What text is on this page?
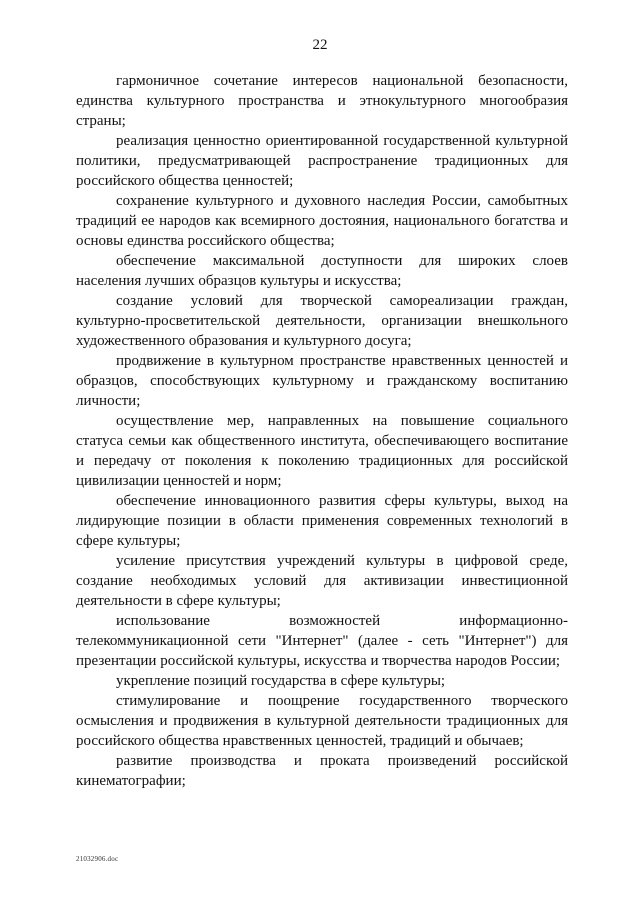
22

гармоничное сочетание интересов национальной безопасности, единства культурного пространства и этнокультурного многообразия страны;

реализация ценностно ориентированной государственной культурной политики, предусматривающей распространение традиционных для российского общества ценностей;

сохранение культурного и духовного наследия России, самобытных традиций ее народов как всемирного достояния, национального богатства и основы единства российского общества;

обеспечение максимальной доступности для широких слоев населения лучших образцов культуры и искусства;

создание условий для творческой самореализации граждан, культурно-просветительской деятельности, организации внешкольного художественного образования и культурного досуга;

продвижение в культурном пространстве нравственных ценностей и образцов, способствующих культурному и гражданскому воспитанию личности;

осуществление мер, направленных на повышение социального статуса семьи как общественного института, обеспечивающего воспитание и передачу от поколения к поколению традиционных для российской цивилизации ценностей и норм;

обеспечение инновационного развития сферы культуры, выход на лидирующие позиции в области применения современных технологий в сфере культуры;

усиление присутствия учреждений культуры в цифровой среде, создание необходимых условий для активизации инвестиционной деятельности в сфере культуры;

использование возможностей информационно-телекоммуникационной сети "Интернет" (далее - сеть "Интернет") для презентации российской культуры, искусства и творчества народов России;

укрепление позиций государства в сфере культуры;

стимулирование и поощрение государственного творческого осмысления и продвижения в культурной деятельности традиционных для российского общества нравственных ценностей, традиций и обычаев;

развитие производства и проката произведений российской кинематографии;

21032906.doc
